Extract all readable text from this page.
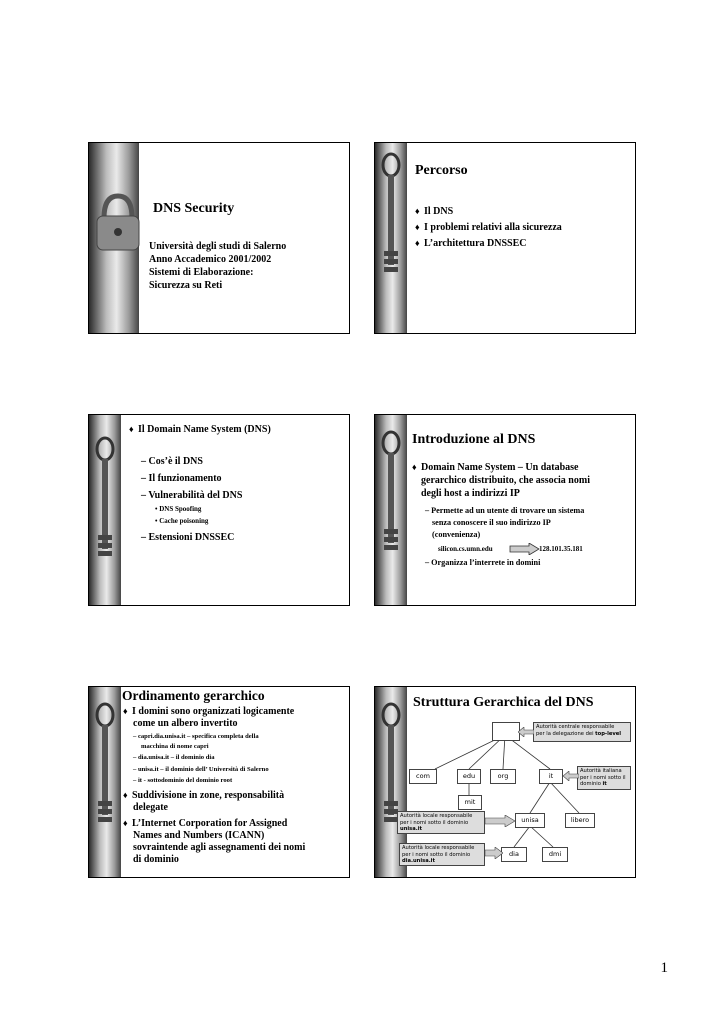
DNS Security
Università degli studi di Salerno
Anno Accademico 2001/2002
Sistemi di Elaborazione:
Sicurezza su Reti
Percorso
♦ Il DNS
♦ I problemi relativi alla sicurezza
♦ L’architettura DNSSEC
♦ Il Domain Name System (DNS)
– Cos’è il DNS
– Il funzionamento
– Vulnerabilità del DNS
• DNS Spoofing
• Cache poisoning
– Estensioni DNSSEC
Introduzione al DNS
♦ Domain Name System – Un database
gerarchico distribuito, che associa nomi
degli host a indirizzi IP
– Permette ad un utente di trovare un sistema
senza conoscere il suo indirizzo IP
(convenienza)
silicon.cs.umn.edu	128.101.35.181
– Organizza l’interrete in domini
Ordinamento gerarchico
♦ I domini sono organizzati logicamente
come un albero invertito
– capri.dia.unisa.it – specifica completa della
macchina di nome capri
– dia.unisa.it – il dominio dia
– unisa.it – il dominio dell’ Università di Salerno
– it - sottodominio del dominio root
♦ Suddivisione in zone, responsabilità
delegate
♦ L’Internet Corporation for Assigned
Names and Numbers (ICANN)
sovraintende agli assegnamenti dei nomi
di dominio
Struttura Gerarchica del DNS
com	edu	org	it
mit
unisa	libero
dia	dmi
Autorità centrale responsabile
per la delegazione dei top-level
Autorità italiana
per i nomi sotto il
dominio it
Autorità locale responsabile
per i nomi sotto il dominio
unisa.it
Autorità locale responsabile
per i nomi sotto il dominio
dia.unisa.it
1
